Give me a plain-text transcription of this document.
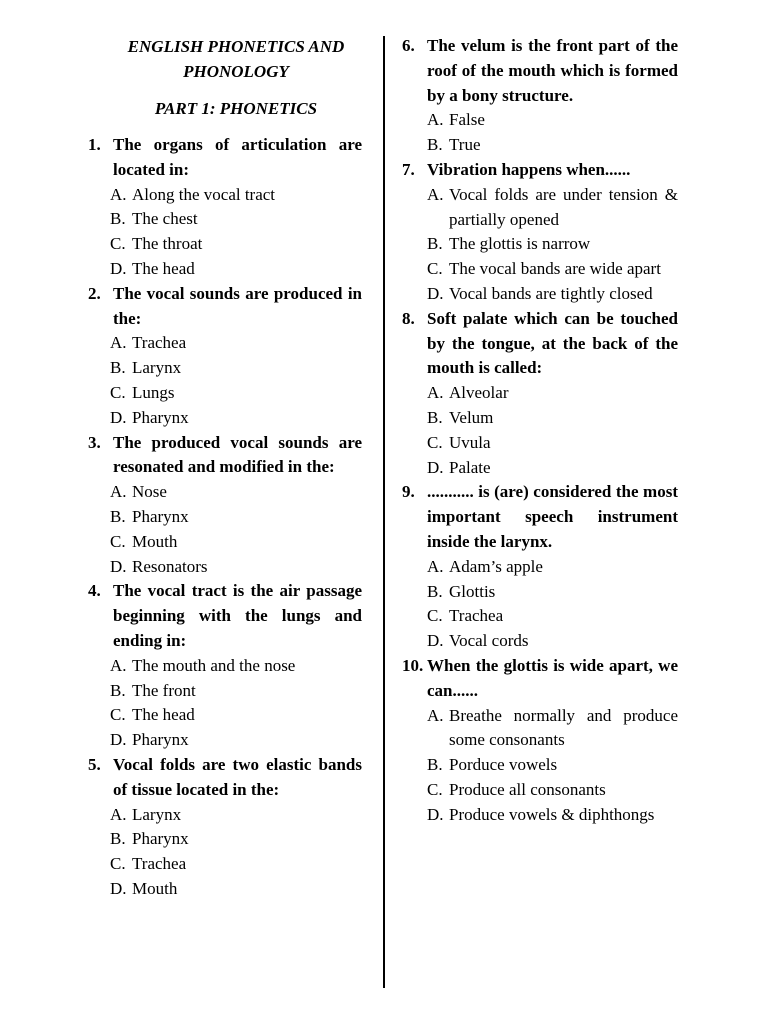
ENGLISH PHONETICS AND PHONOLOGY

PART 1: PHONETICS

1. The organs of articulation are located in:
A. Along the vocal tract
B. The chest
C. The throat
D. The head
2. The vocal sounds are produced in the:
A. Trachea
B. Larynx
C. Lungs
D. Pharynx
3. The produced vocal sounds are resonated and modified in the:
A. Nose
B. Pharynx
C. Mouth
D. Resonators
4. The vocal tract is the air passage beginning with the lungs and ending in:
A. The mouth and the nose
B. The front
C. The head
D. Pharynx
5. Vocal folds are two elastic bands of tissue located in the:
A. Larynx
B. Pharynx
C. Trachea
D. Mouth
6. The velum is the front part of the roof of the mouth which is formed by a bony structure.
A. False
B. True
7. Vibration happens when......
A. Vocal folds are under tension & partially opened
B. The glottis is narrow
C. The vocal bands are wide apart
D. Vocal bands are tightly closed
8. Soft palate which can be touched by the tongue, at the back of the mouth is called:
A. Alveolar
B. Velum
C. Uvula
D. Palate
9. ........... is (are) considered the most important speech instrument inside the larynx.
A. Adam’s apple
B. Glottis
C. Trachea
D. Vocal cords
10. When the glottis is wide apart, we can......
A. Breathe normally and produce some consonants
B. Porduce vowels
C. Produce all consonants
D. Produce vowels & diphthongs
